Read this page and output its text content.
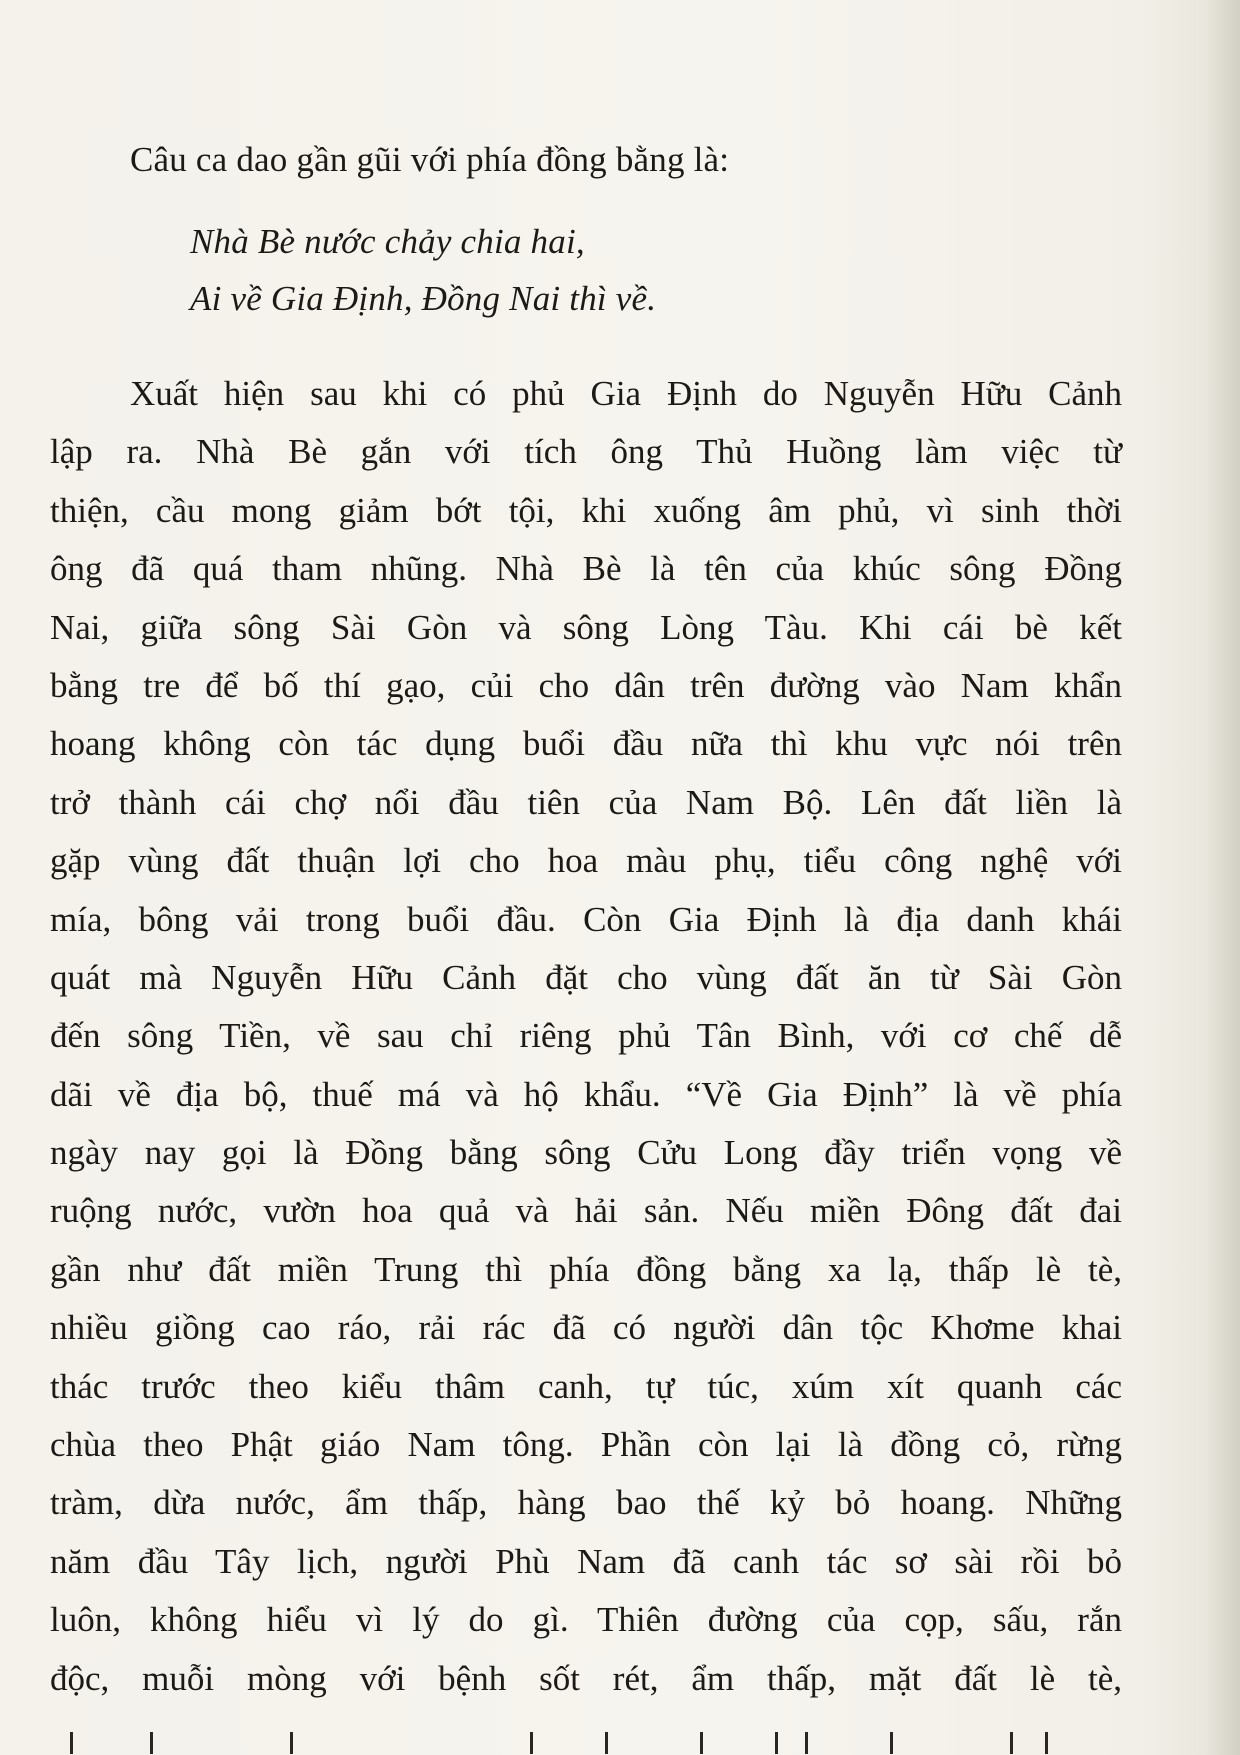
Câu ca dao gần gũi với phía đồng bằng là:
Nhà Bè nước chảy chia hai,
Ai về Gia Định, Đồng Nai thì về.
Xuất hiện sau khi có phủ Gia Định do Nguyễn Hữu Cảnh
lập ra. Nhà Bè gắn với tích ông Thủ Huồng làm việc từ
thiện, cầu mong giảm bớt tội, khi xuống âm phủ, vì sinh thời
ông đã quá tham nhũng. Nhà Bè là tên của khúc sông Đồng
Nai, giữa sông Sài Gòn và sông Lòng Tàu. Khi cái bè kết
bằng tre để bố thí gạo, củi cho dân trên đường vào Nam khẩn
hoang không còn tác dụng buổi đầu nữa thì khu vực nói trên
trở thành cái chợ nổi đầu tiên của Nam Bộ. Lên đất liền là
gặp vùng đất thuận lợi cho hoa màu phụ, tiểu công nghệ với
mía, bông vải trong buổi đầu. Còn Gia Định là địa danh khái
quát mà Nguyễn Hữu Cảnh đặt cho vùng đất ăn từ Sài Gòn
đến sông Tiền, về sau chỉ riêng phủ Tân Bình, với cơ chế dễ
dãi về địa bộ, thuế má và hộ khẩu. “Về Gia Định” là về phía
ngày nay gọi là Đồng bằng sông Cửu Long đầy triển vọng về
ruộng nước, vườn hoa quả và hải sản. Nếu miền Đông đất đai
gần như đất miền Trung thì phía đồng bằng xa lạ, thấp lè tè,
nhiều giồng cao ráo, rải rác đã có người dân tộc Khơme khai
thác trước theo kiểu thâm canh, tự túc, xúm xít quanh các
chùa theo Phật giáo Nam tông. Phần còn lại là đồng cỏ, rừng
tràm, dừa nước, ẩm thấp, hàng bao thế kỷ bỏ hoang. Những
năm đầu Tây lịch, người Phù Nam đã canh tác sơ sài rồi bỏ
luôn, không hiểu vì lý do gì. Thiên đường của cọp, sấu, rắn
độc, muỗi mòng với bệnh sốt rét, ẩm thấp, mặt đất lè tè,
